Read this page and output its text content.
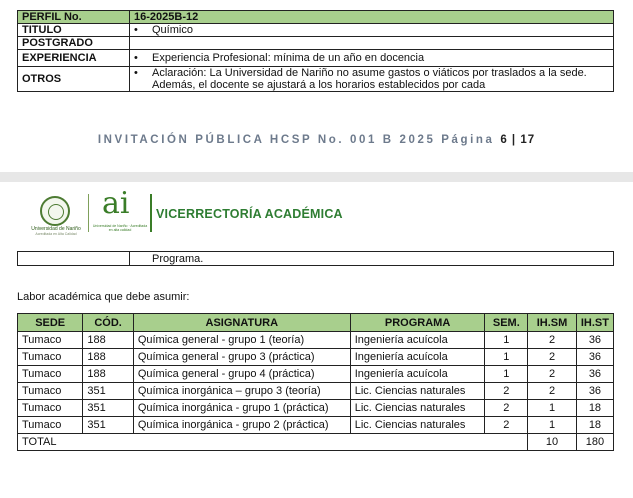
PERFIL No.	16-2025B-12
TITULO	• Químico

POSTGRADO	
EXPERIENCIA	• Experiencia Profesional: mínima de un año en docencia

OTROS	• Aclaración: La Universidad de Nariño no asume gastos o viáticos por traslados a la sede. Además, el docente se ajustará a los horarios establecidos por cada
INVITACIÓN PÚBLICA HCSP No. 001 B 2025 Página 6 | 17
Universidad de Nariño
Acreditada en Alta Calidad
ai
Universidad de Nariño · Acreditada en alta calidad
VICERRECTORÍA ACADÉMICA
	Programa.
Labor académica que debe asumir:
SEDE	CÓD.	ASIGNATURA	PROGRAMA	SEM.	IH.SM	IH.ST
Tumaco	188	Química general - grupo 1 (teoría)	Ingeniería acuícola	1	2	36
Tumaco	188	Química general - grupo 3 (práctica)	Ingeniería acuícola	1	2	36
Tumaco	188	Química general - grupo 4 (práctica)	Ingeniería acuícola	1	2	36
Tumaco	351	Química inorgánica – grupo 3 (teoría)	Lic. Ciencias naturales	2	2	36
Tumaco	351	Química inorgánica - grupo 1 (práctica)	Lic. Ciencias naturales	2	1	18
Tumaco	351	Química inorgánica - grupo 2 (práctica)	Lic. Ciencias naturales	2	1	18
TOTAL					10	180
